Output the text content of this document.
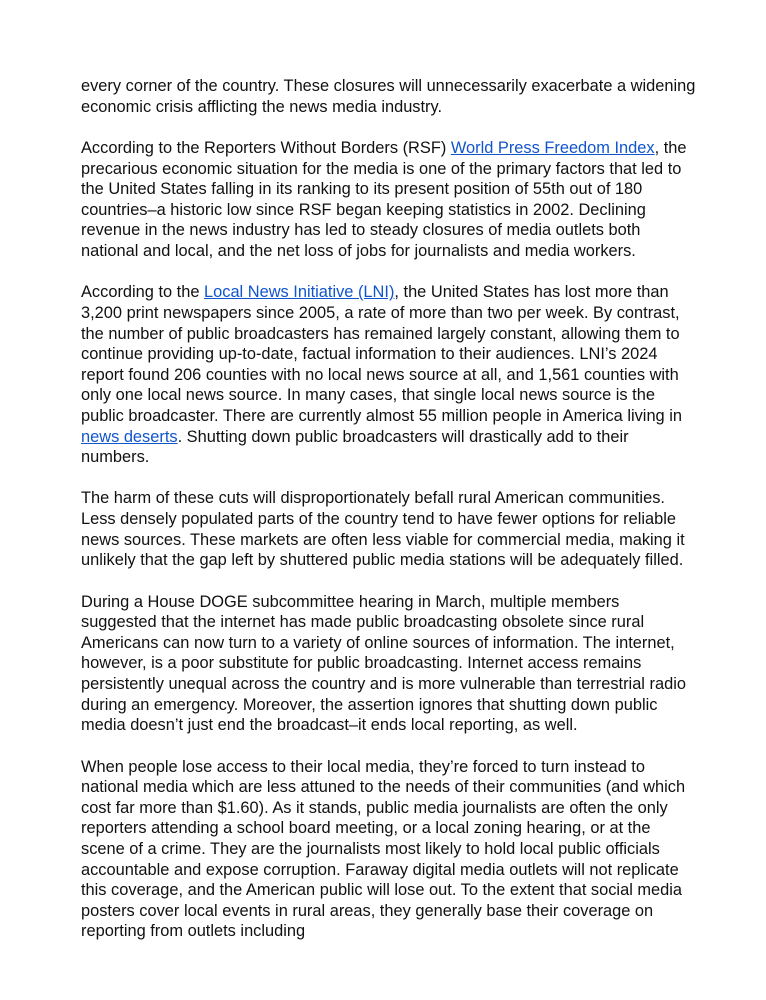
every corner of the country. These closures will unnecessarily exacerbate a widening economic crisis afflicting the news media industry.

According to the Reporters Without Borders (RSF) World Press Freedom Index, the precarious economic situation for the media is one of the primary factors that led to the United States falling in its ranking to its present position of 55th out of 180 countries–a historic low since RSF began keeping statistics in 2002. Declining revenue in the news industry has led to steady closures of media outlets both national and local, and the net loss of jobs for journalists and media workers.

According to the Local News Initiative (LNI), the United States has lost more than 3,200 print newspapers since 2005, a rate of more than two per week. By contrast, the number of public broadcasters has remained largely constant, allowing them to continue providing up-to-date, factual information to their audiences. LNI’s 2024 report found 206 counties with no local news source at all, and 1,561 counties with only one local news source. In many cases, that single local news source is the public broadcaster. There are currently almost 55 million people in America living in news deserts. Shutting down public broadcasters will drastically add to their numbers.

The harm of these cuts will disproportionately befall rural American communities. Less densely populated parts of the country tend to have fewer options for reliable news sources. These markets are often less viable for commercial media, making it unlikely that the gap left by shuttered public media stations will be adequately filled.

During a House DOGE subcommittee hearing in March, multiple members suggested that the internet has made public broadcasting obsolete since rural Americans can now turn to a variety of online sources of information. The internet, however, is a poor substitute for public broadcasting. Internet access remains persistently unequal across the country and is more vulnerable than terrestrial radio during an emergency. Moreover, the assertion ignores that shutting down public media doesn’t just end the broadcast–it ends local reporting, as well.

When people lose access to their local media, they’re forced to turn instead to national media which are less attuned to the needs of their communities (and which cost far more than $1.60). As it stands, public media journalists are often the only reporters attending a school board meeting, or a local zoning hearing, or at the scene of a crime. They are the journalists most likely to hold local public officials accountable and expose corruption. Faraway digital media outlets will not replicate this coverage, and the American public will lose out. To the extent that social media posters cover local events in rural areas, they generally base their coverage on reporting from outlets including
